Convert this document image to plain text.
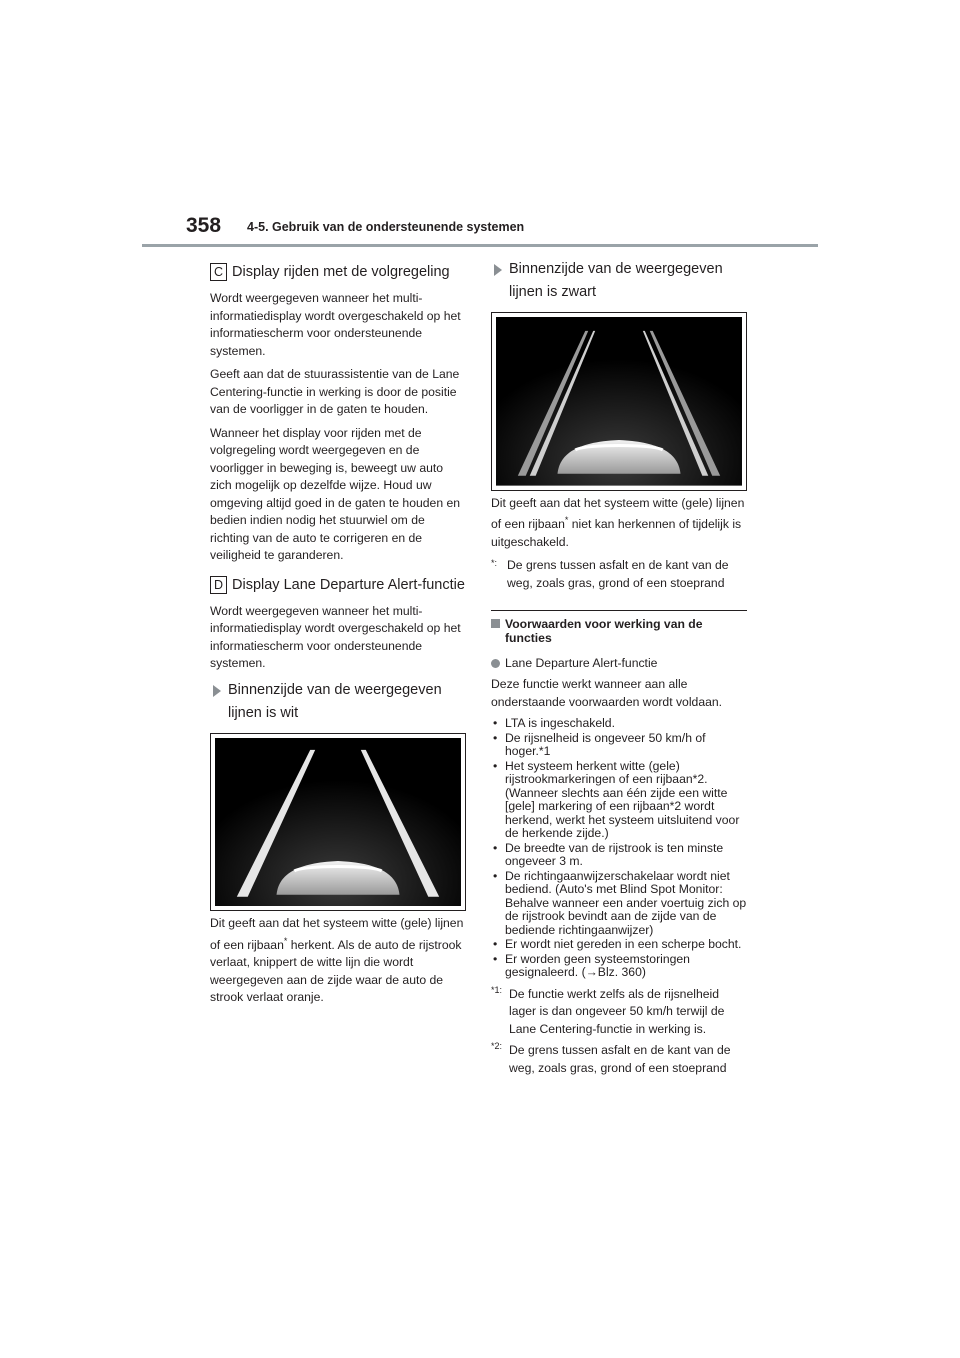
358 4-5. Gebruik van de ondersteunende systemen
C Display rijden met de volgregeling

Wordt weergegeven wanneer het multi-informatiedisplay wordt overgeschakeld op het informatiescherm voor ondersteunende systemen.

Geeft aan dat de stuurassistentie van de Lane Centering-functie in werking is door de positie van de voorligger in de gaten te houden.

Wanneer het display voor rijden met de volgregeling wordt weergegeven en de voorligger in beweging is, beweegt uw auto zich mogelijk op dezelfde wijze. Houd uw omgeving altijd goed in de gaten te houden en bedien indien nodig het stuurwiel om de richting van de auto te corrigeren en de veiligheid te garanderen.

D Display Lane Departure Alert-functie

Wordt weergegeven wanneer het multi-informatiedisplay wordt overgeschakeld op het informatiescherm voor ondersteunende systemen.

Binnenzijde van de weergegeven lijnen is wit

Dit geeft aan dat het systeem witte (gele) lijnen of een rijbaan* herkent. Als de auto de rijstrook verlaat, knippert de witte lijn die wordt weergegeven aan de zijde waar de auto de strook verlaat oranje.

Binnenzijde van de weergegeven lijnen is zwart

Dit geeft aan dat het systeem witte (gele) lijnen of een rijbaan* niet kan herkennen of tijdelijk is uitgeschakeld.

*: De grens tussen asfalt en de kant van de weg, zoals gras, grond of een stoeprand
Voorwaarden voor werking van de functies
Lane Departure Alert-functie

Deze functie werkt wanneer aan alle onderstaande voorwaarden wordt voldaan.

• LTA is ingeschakeld.
• De rijsnelheid is ongeveer 50 km/h of hoger.*1
• Het systeem herkent witte (gele) rijstrookmarkeringen of een rijbaan*2. (Wanneer slechts aan één zijde een witte [gele] markering of een rijbaan*2 wordt herkend, werkt het systeem uitsluitend voor de herkende zijde.)
• De breedte van de rijstrook is ten minste ongeveer 3 m.
• De richtingaanwijzerschakelaar wordt niet bediend. (Auto's met Blind Spot Monitor: Behalve wanneer een ander voertuig zich op de rijstrook bevindt aan de zijde van de bediende richtingaanwijzer)
• Er wordt niet gereden in een scherpe bocht.
• Er worden geen systeemstoringen gesignaleerd. (→Blz. 360)
*1: De functie werkt zelfs als de rijsnelheid lager is dan ongeveer 50 km/h terwijl de Lane Centering-functie in werking is.
*2: De grens tussen asfalt en de kant van de weg, zoals gras, grond of een stoeprand
